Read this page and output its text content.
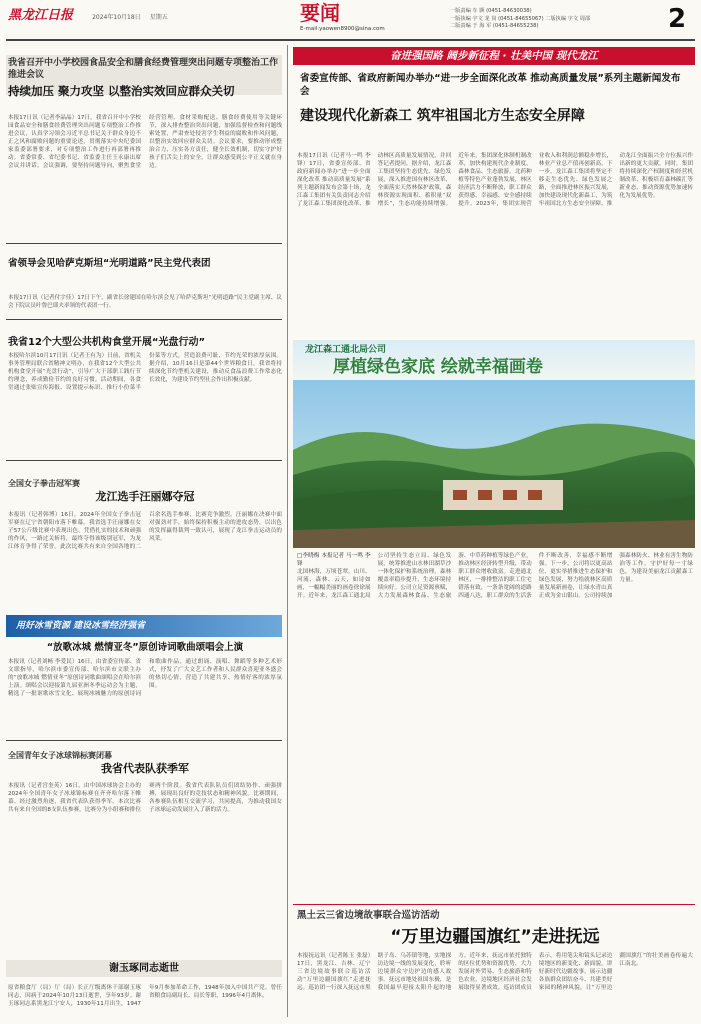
黑龙江日报	2024年10月18日 星期五	要闻
E-mail:yaowen8900@sina.com
一版责编 车 颢 (0451-84630038)
一版执编 宇文 龙 岗 (0451-84655067) 二版执编 宇文 周邵
二版责编 于 海 军 (0451-84655238)	2
我省召开中小学校园食品安全和膳食经费管理突出问题专项整治工作推进会议
持续加压 聚力攻坚 以整治实效回应群众关切
本报17日讯（记者李晶晶）17日，我省召开中小学校园食品安全和膳食经费管理突出问题专项整治工作推进会议，认真学习领会习近平总书记关于群众身边不正之风和腐败问题的重要论述，贯彻落实中央纪委国家监委部署要求，对专项整治工作进行再部署再推动。省委常委、省纪委书记、省监委主任王永康出席会议并讲话。会议强调，要坚持问题导向，聚焦食堂经营管理、食材采购配送、膳食经费使用等关键环节，深入排查整治突出问题，加强监督检查和问题线索处置，严肃查处侵害学生利益的腐败和作风问题，以整治实效回应群众关切。会议要求，要推动形成整治合力，压实各方责任，健全长效机制，切实守护好孩子们舌尖上的安全，让群众感受到公平正义就在身边。
省领导会见哈萨克斯坦“光明道路”民主党代表团
本报17日讯（记者付宇佳）17日下午，副省长徐建国在哈尔滨会见了哈萨克斯坦“光明道路”民主党副主席、议会下院议员叶鲁巴耶夫率领的代表团一行。
我省12个大型公共机构食堂开展“光盘行动”
本报哈尔滨10月17日讯（记者王有为）日前，省机关事务管理局联合省精神文明办，在我省12个大型公共机构食堂开展“光盘行动”，引导广大干部职工践行节约理念，养成勤俭节约的良好习惯。活动期间，各食堂通过张贴宣传海报、设置提示标识、推行小份菜半份菜等方式，营造浪费可耻、节约光荣的浓厚氛围。据介绍，10月16日是第44个世界粮食日，我省将持续深化节约型机关建设，推动反食品浪费工作常态化长效化，为建设节约型社会作出积极贡献。
全国女子拳击冠军赛
龙江选手汪丽娜夺冠
本报讯（记者韩博）16日，2024年全国女子拳击冠军赛在辽宁省朝阳市落下帷幕。我省选手汪丽娜在女子57公斤级比赛中表现出色，凭借扎实的技术和顽强的作风，一路过关斩将，最终夺得该级别冠军，为龙江体育争得了荣誉。此次比赛共有来自全国各地的二百余名选手参赛，比赛竞争激烈。汪丽娜在决赛中面对强劲对手，始终保持积极主动的进攻态势，以出色的发挥赢得裁判一致认可，展现了龙江拳击运动员的风采。
用好冰雪资源 建设冰雪经济强省
“放歌冰城 燃情亚冬”原创诗词歌曲颂唱会上演
本报讯（记者刘畅 李爱民）16日，由省委宣传部、省文联指导，哈尔滨市委宣传部、哈尔滨市文联主办的“放歌冰城 燃情亚冬”原创诗词歌曲颂唱会在哈尔滨上演。颂唱会以迎接第九届亚洲冬季运动会为主题，精选了一批讴歌冰雪文化、展现冰城魅力的原创诗词和歌曲作品，通过朗诵、演唱、舞蹈等多种艺术形式，抒发了广大文艺工作者和人民群众喜迎亚冬盛会的热切心情，营造了共建共享、热情好客的浓厚氛围。
全国青年女子冰球锦标赛闭幕
我省代表队获季军
本报讯（记者宫奎英）16日，由中国冰球协会主办的2024年全国青年女子冰球锦标赛在齐齐哈尔落下帷幕。经过激烈角逐，我省代表队获得季军。本次比赛共有来自全国的8支队伍参赛，比赛分为小组赛和排位赛两个阶段。我省代表队队员们团结协作、顽强拼搏，展现出良好的竞技状态和精神风貌。比赛期间，各参赛队伍相互交流学习，共同提高，为推动我国女子冰球运动发展注入了新的活力。
谢玉琢同志逝世
原省粮食厅（局）厅（局）长正厅级离休干部谢玉琢同志，因病于2024年10月13日逝世，享年93岁。谢玉琢同志系黑龙江宁安人，1930年11月出生，1947年9月参加革命工作，1948年加入中国共产党。曾任省粮食局副局长、局长等职，1996年4月离休。
奋进强国路 阔步新征程 · 壮美中国 现代龙江
省委宣传部、省政府新闻办举办“进一步全面深化改革 推动高质量发展”系列主题新闻发布会
建设现代化新森工 筑牢祖国北方生态安全屏障
本报17日讯（记者马一鸣 李锋）17日，省委宣传部、省政府新闻办举办“进一步全面深化改革 推动高质量发展”系列主题新闻发布会第十场，龙江森工集团有关负责同志介绍了龙江森工集团深化改革、推动林区高质量发展情况，并回答记者提问。据介绍，龙江森工集团坚持生态优先、绿色发展，深入推进国有林区改革，全面落实天然林保护政策，森林资源实现面积、蓄积量“双增长”，生态功能持续增强。近年来，集团深化体制机制改革，加快构建现代企业制度，森林食品、生态旅游、北药种植等特色产业蓬勃发展，林区经济活力不断释放，职工群众获得感、幸福感、安全感持续提升。2023年，集团实现营业收入和利润总额稳步增长，林业产业总产值再创新高。下一步，龙江森工集团将坚定不移走生态优先、绿色发展之路，全面推进林区振兴发展，加快建设现代化新森工，为筑牢祖国北方生态安全屏障、推动龙江全面振兴全方位振兴作出新的更大贡献。同时，集团将持续深化产权制度和经营机制改革，积极培育森林碳汇等新业态，推动资源优势加速转化为发展优势。
龙江森工通北局公司
厚植绿色家底 绘就幸福画卷
□李晓梅 本报记者 马一鸣 李锋
北国林海，万顷苍翠。山川、河流、森林、云天，如诗如画，一幅幅美丽的画卷徐徐展开。近年来，龙江森工通北局公司坚持生态立局、绿色发展，统筹推进山水林田湖草沙一体化保护和系统治理，森林覆盖率稳步提升，生态环境持续向好。公司立足资源禀赋，大力发展森林食品、生态旅游、中草药种植等绿色产业，推动林区经济转型升级，带动职工群众增收致富。走进通北林区，一排排整洁的职工住宅错落有致，一条条宽阔的道路四通八达，职工群众的生活条件不断改善，幸福感不断增强。下一步，公司将以更高站位、更实举措推进生态保护和绿色发展，努力绘就林区高质量发展新画卷，让绿水青山真正成为金山银山。公司持续加强森林防火、林业有害生物防治等工作，守护好每一寸绿色，为建设美丽龙江贡献森工力量。
黑土云三省边境故事联合巡访活动
“万里边疆国旗红”走进抚远
本报抚远讯（记者陈玉 张磊）17日，黑龙江、吉林、辽宁三省边境故事联合巡访活动“万里边疆国旗红”走进抚远。巡访团一行深入抚远市黑瞎子岛、乌苏镇等地，实地探访边境一线的发展变化，聆听边境群众守边护边的感人故事。抚远市地处祖国东极，是我国最早迎接太阳升起的地方。近年来，抚远市依托独特的区位优势和资源优势，大力发展对外贸易、生态旅游和特色农业，边境地区经济社会发展取得显著成效。巡访团成员表示，将用笔尖和镜头记录边境地区的新变化、新面貌，讲好新时代边疆故事，展示边疆各族群众团结奋斗、共建美好家园的精神风貌，让“万里边疆国旗红”的壮美画卷传遍大江南北。
